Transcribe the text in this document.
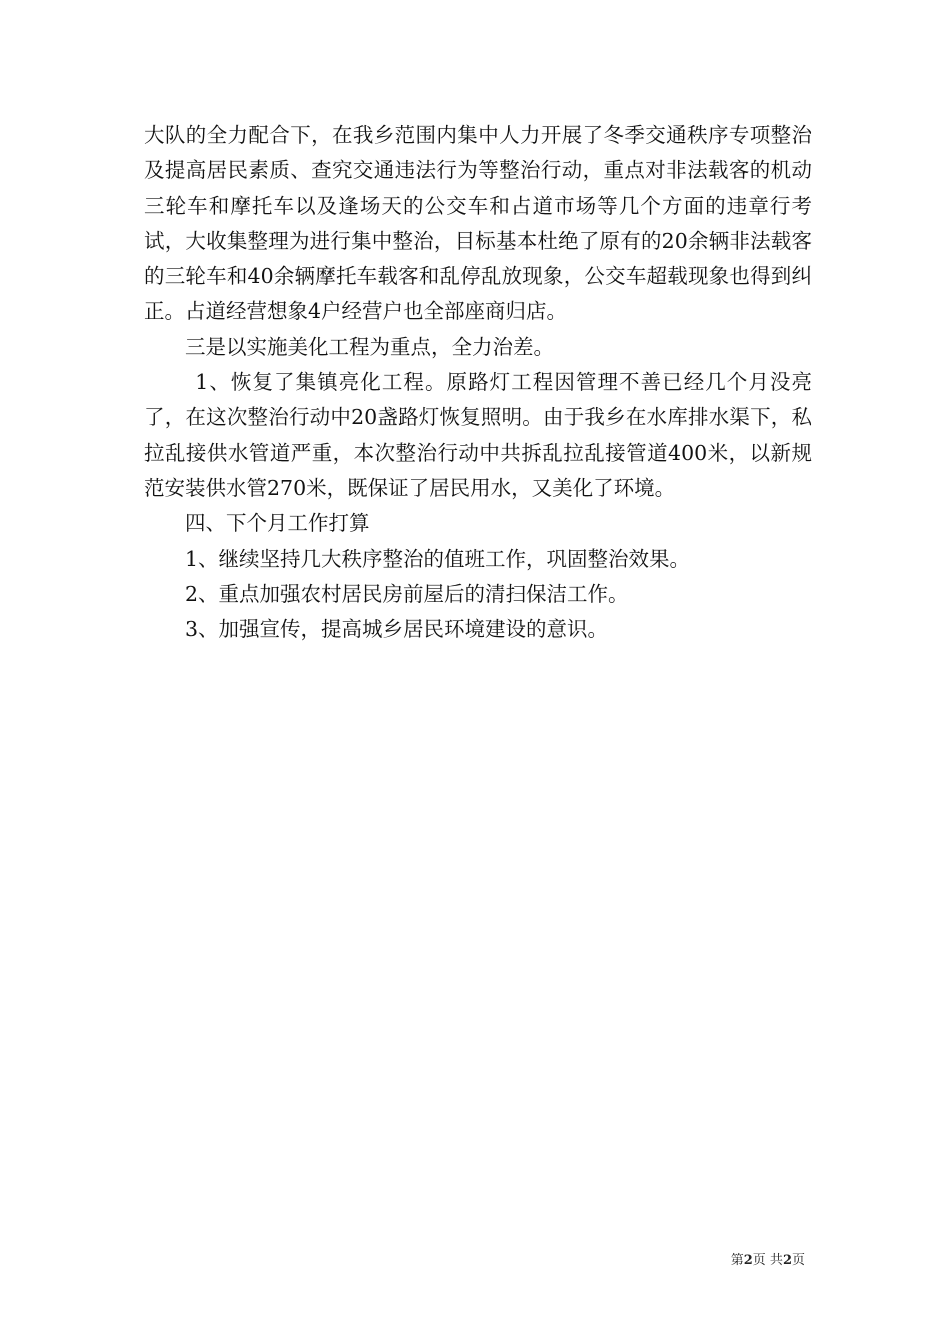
大队的全力配合下，在我乡范围内集中人力开展了冬季交通秩序专项整治及提高居民素质、查究交通违法行为等整治行动，重点对非法载客的机动三轮车和摩托车以及逢场天的公交车和占道市场等几个方面的违章行考试，大收集整理为进行集中整治，目标基本杜绝了原有的20余辆非法载客的三轮车和40余辆摩托车载客和乱停乱放现象，公交车超载现象也得到纠正。占道经营想象4户经营户也全部座商归店。

三是以实施美化工程为重点，全力治差。

1、恢复了集镇亮化工程。原路灯工程因管理不善已经几个月没亮了，在这次整治行动中20盏路灯恢复照明。由于我乡在水库排水渠下，私拉乱接供水管道严重，本次整治行动中共拆乱拉乱接管道400米，以新规范安装供水管270米，既保证了居民用水，又美化了环境。

四、下个月工作打算

1、继续坚持几大秩序整治的值班工作，巩固整治效果。

2、重点加强农村居民房前屋后的清扫保洁工作。

3、加强宣传，提高城乡居民环境建设的意识。

第2页 共2页
